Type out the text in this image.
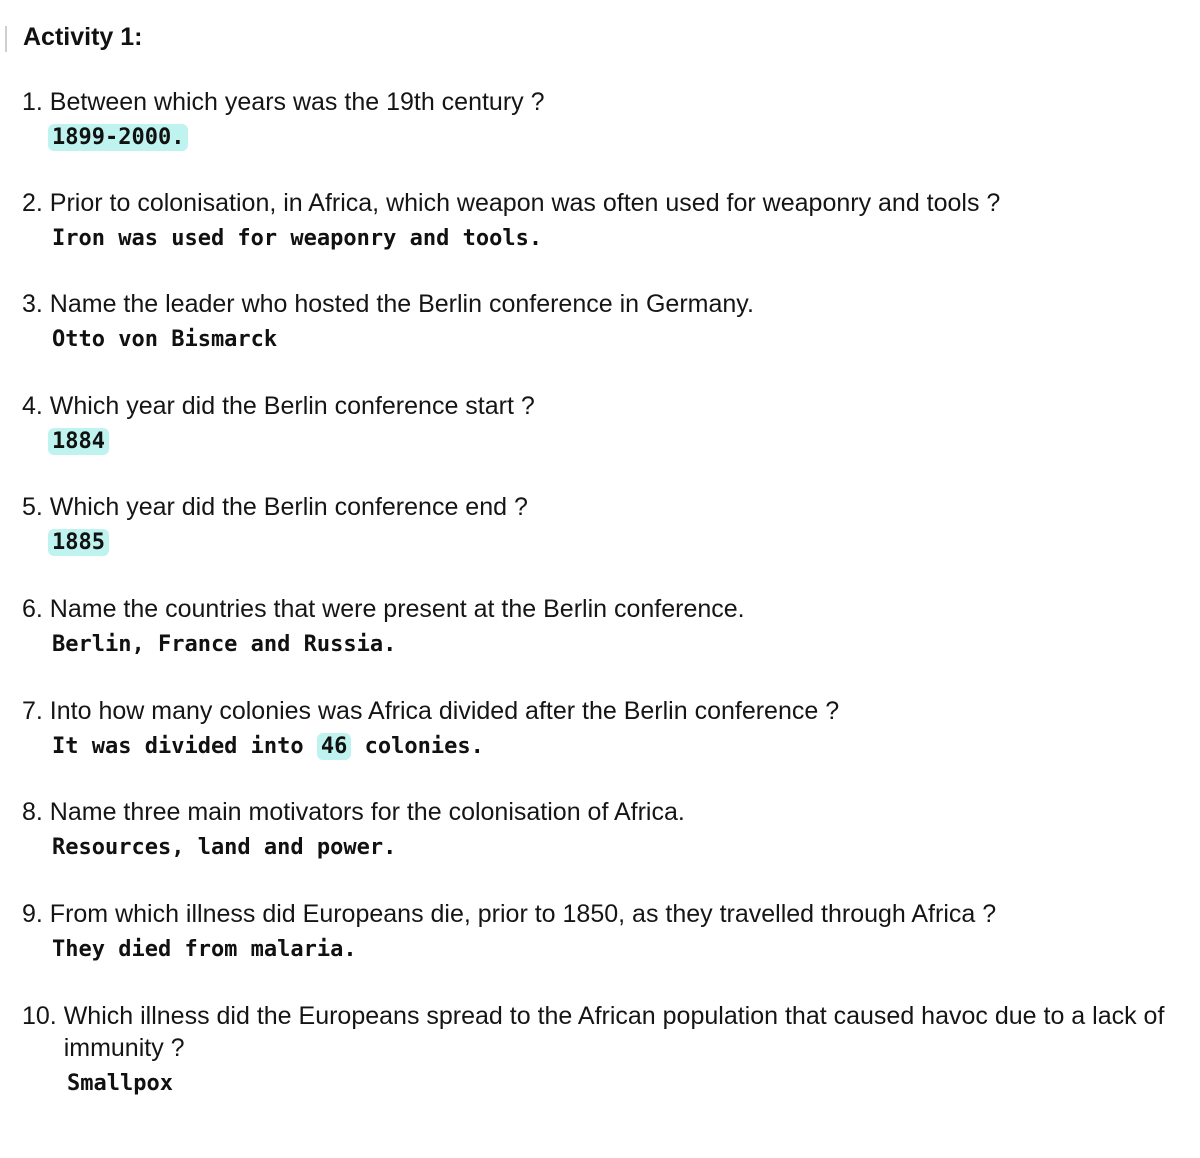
Activity 1:
1. Between which years was the 19th century ?
1899-2000.
2. Prior to colonisation, in Africa, which weapon was often used for weaponry and tools ?
Iron was used for weaponry and tools.
3. Name the leader who hosted the Berlin conference in Germany.
Otto von Bismarck
4. Which year did the Berlin conference start ?
1884
5. Which year did the Berlin conference end ?
1885
6. Name the countries that were present at the Berlin conference.
Berlin, France and Russia.
7. Into how many colonies was Africa divided after the Berlin conference ?
It was divided into 46 colonies.
8. Name three main motivators for the colonisation of Africa.
Resources, land and power.
9. From which illness did Europeans die, prior to 1850, as they travelled through Africa ?
They died from malaria.
10. Which illness did the Europeans spread to the African population that caused havoc due to a lack of immunity ?
Smallpox
